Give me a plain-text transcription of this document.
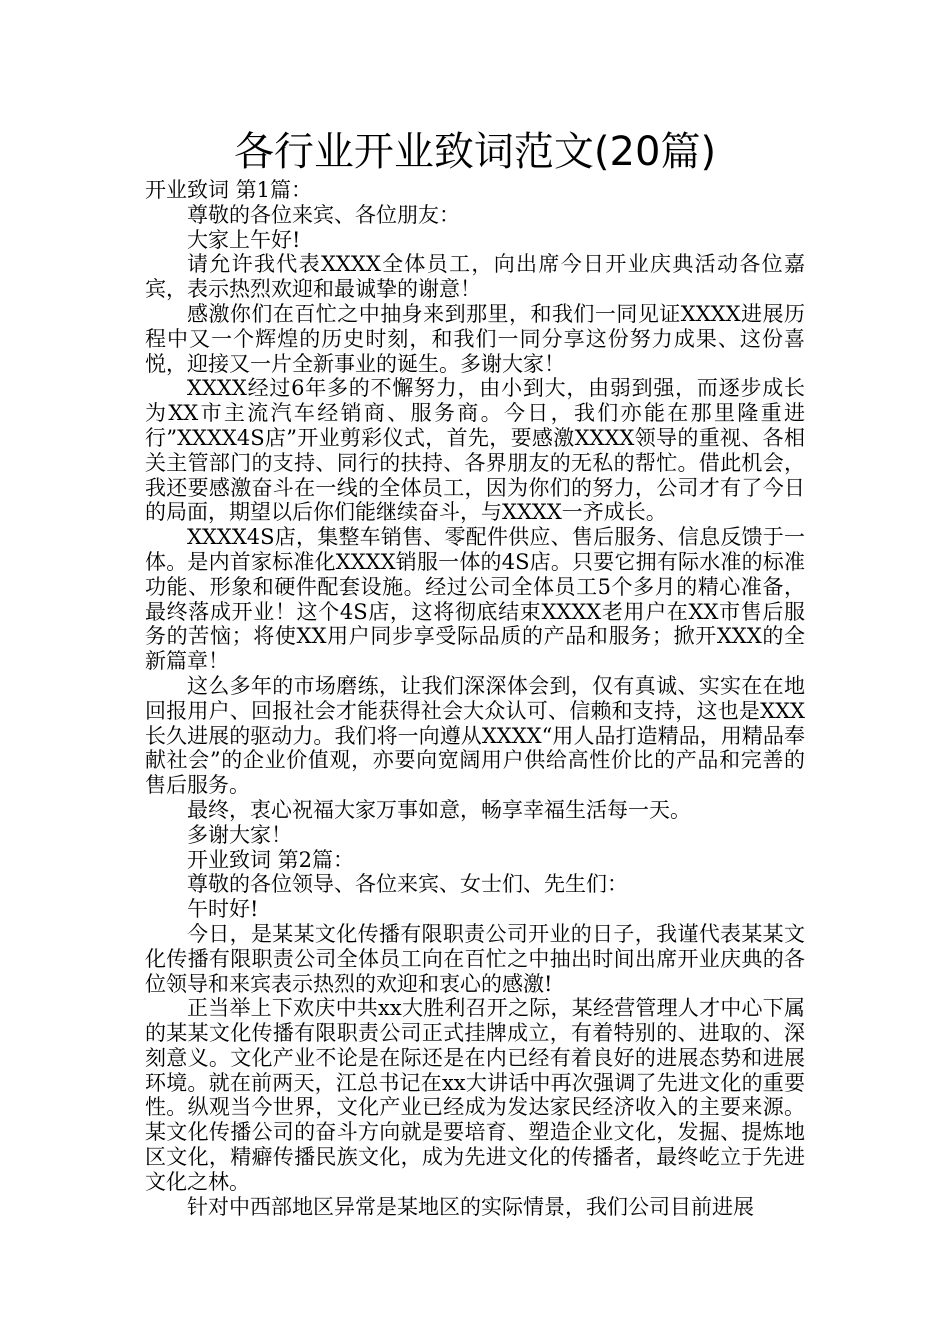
各行业开业致词范文(20篇)

开业致词 第1篇：

尊敬的各位来宾、各位朋友：

大家上午好!

请允许我代表XXXX全体员工，向出席今日开业庆典活动各位嘉宾，表示热烈欢迎和最诚挚的谢意！

感激你们在百忙之中抽身来到那里，和我们一同见证XXXX进展历程中又一个辉煌的历史时刻，和我们一同分享这份努力成果、这份喜悦，迎接又一片全新事业的诞生。多谢大家！

XXXX经过6年多的不懈努力，由小到大，由弱到强，而逐步成长为XX市主流汽车经销商、服务商。今日，我们亦能在那里隆重进行”XXXX4S店”开业剪彩仪式，首先，要感激XXXX领导的重视、各相关主管部门的支持、同行的扶持、各界朋友的无私的帮忙。借此机会，我还要感激奋斗在一线的全体员工，因为你们的努力，公司才有了今日的局面，期望以后你们能继续奋斗，与XXXX一齐成长。

XXXX4S店，集整车销售、零配件供应、售后服务、信息反馈于一体。是内首家标准化XXXX销服一体的4S店。只要它拥有际水准的标准功能、形象和硬件配套设施。经过公司全体员工5个多月的精心准备，最终落成开业！这个4S店，这将彻底结束XXXX老用户在XX市售后服务的苦恼；将使XX用户同步享受际品质的产品和服务；掀开XXX的全新篇章！

这么多年的市场磨练，让我们深深体会到，仅有真诚、实实在在地回报用户、回报社会才能获得社会大众认可、信赖和支持，这也是XXX长久进展的驱动力。我们将一向遵从XXXX“用人品打造精品，用精品奉献社会”的企业价值观，亦要向宽阔用户供给高性价比的产品和完善的售后服务。

最终，衷心祝福大家万事如意，畅享幸福生活每一天。

多谢大家！

开业致词 第2篇：

尊敬的各位领导、各位来宾、女士们、先生们：

午时好!

今日，是某某文化传播有限职责公司开业的日子，我谨代表某某文化传播有限职责公司全体员工向在百忙之中抽出时间出席开业庆典的各位领导和来宾表示热烈的欢迎和衷心的感激!

正当举上下欢庆中共xx大胜利召开之际，某经营管理人才中心下属的某某文化传播有限职责公司正式挂牌成立，有着特别的、进取的、深刻意义。文化产业不论是在际还是在内已经有着良好的进展态势和进展环境。就在前两天，江总书记在xx大讲话中再次强调了先进文化的重要性。纵观当今世界，文化产业已经成为发达家民经济收入的主要来源。某文化传播公司的奋斗方向就是要培育、塑造企业文化，发掘、提炼地区文化，精癖传播民族文化，成为先进文化的传播者，最终屹立于先进文化之林。

针对中西部地区异常是某地区的实际情景，我们公司目前进展
